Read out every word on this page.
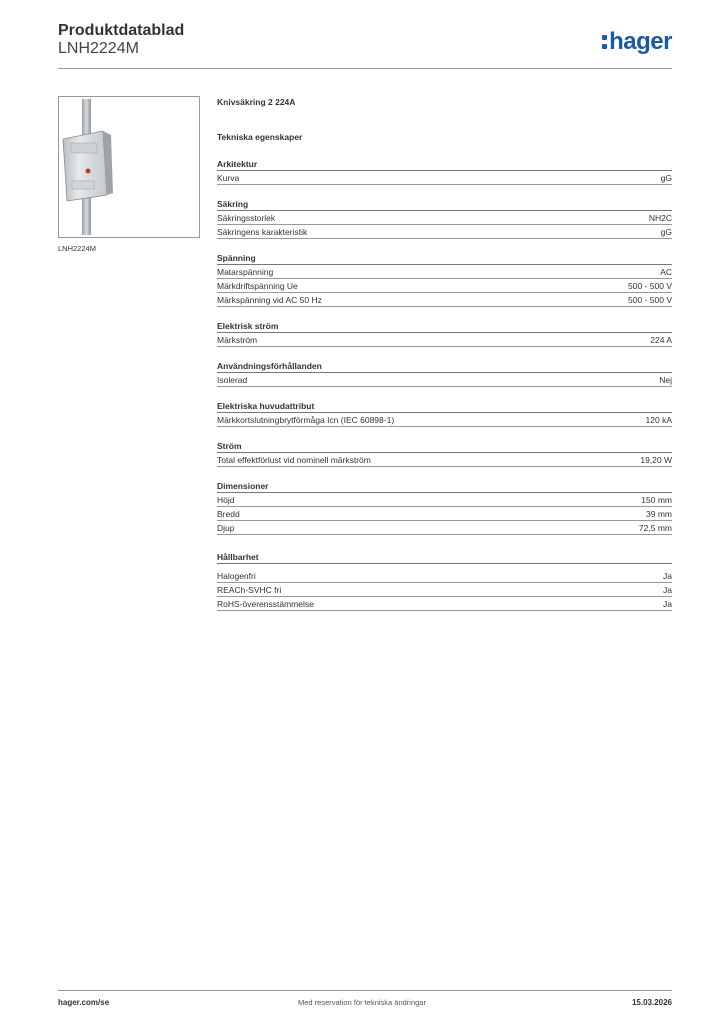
Produktdatablad
LNH2224M	hager
LNH2224M
Knivsäkring 2 224A
Tekniska egenskaper
Arkitektur
Kurva	gG
Säkring
Säkringsstorlek	NH2C
Säkringens karakteristik	gG
Spänning
Matarspänning	AC
Märkdriftspänning Ue	500 - 500 V
Märkspänning vid AC 50 Hz	500 - 500 V
Elektrisk ström
Märkström	224 A
Användningsförhållanden
Isolerad	Nej
Elektriska huvudattribut
Märkkortslutningbrytförmåga Icn (IEC 60898-1)	120 kA
Ström
Total effektförlust vid nominell märkström	19,20 W
Dimensioner
Höjd	150 mm
Bredd	39 mm
Djup	72,5 mm
Hållbarhet
Halogenfri	Ja
REACh-SVHC fri	Ja
RoHS-överensstämmelse	Ja
hager.com/se	Med reservation för tekniska ändringar	15.03.2026
